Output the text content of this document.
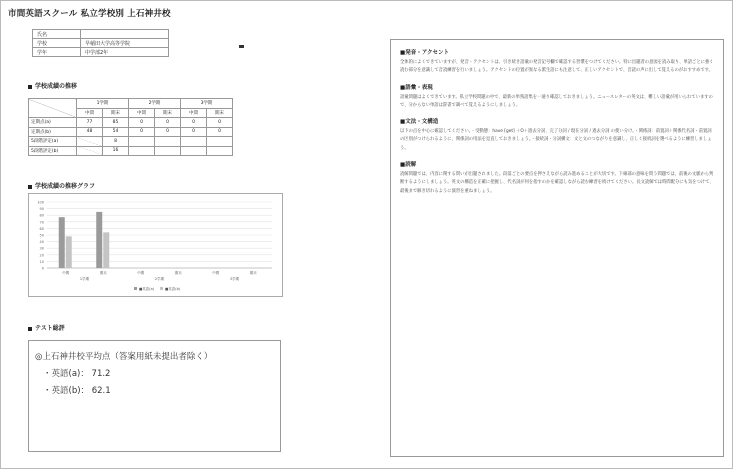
市間英語スクール 私立学校別 上石神井校
氏名	
学校	早稲田大学高等学院
学年	中学部2年
学校成績の推移
	1学期		2学期		3学期	
	中間	期末	中間	期末	中間	期末
定期点(a)	77	85	0	0	0	0
定期点(b)	48	54	0	0	0	0
5段階評定(a)		8				
5段階評定(b)		16				
学校成績の推移グラフ
100
90
80
70
60
50
40
30
20
10
0
中間	期末	中間	期末	中間	期末
1学期	2学期	3学期
■英語(a)	■英語(b)
テスト総評
◎上石神井校平均点（答案用紙未提出者除く）
・英語(a)： 71.2
・英語(b)： 62.1
■発音・アクセント
全体的によくできていますが、発音・アクセントは、引き続き語彙の発音記号欄で確認する習慣をつけてください。特に出題者の意図を読み取り、単語ごとに強く読む部分を意識して音読練習を行いましょう。アクセントの位置が異なる派生語にも注意して、正しいアクセントで、音読の声に出して覚えるのがおすすめです。
■語彙・表現
語彙問題はよくできています。私立学校問題の中で、最新の単熟語集を一通り確認しておきましょう。ニュースレターの英文は、難しい語彙が用いられていますので、分からない単語は辞書で調べて覚えるようにしましょう。
■文法・文構造
以下の点を中心に確認してください。・受動態：have [get] ＋O＋過去分詞、完了分詞 / 現在分詞 / 過去分詞 の使い分け。・関係詞：前置詞＋関係代名詞・前置詞の区別がつけられるように、関係詞の用法を見直しておきましょう。・接続詞・分詞構文：文と文のつながりを意識し、正しく接続詞を選べるように練習しましょう。
■読解
読解問題では、内容に関する問いが出題されました。段落ごとの要点を押さえながら読み進めることが大切です。下線部の意味を問う問題では、前後の文脈から判断するようにしましょう。英文の構造を正確に把握し、代名詞が何を指すのかを確認しながら読む練習を続けてください。長文読解では時間配分にも気をつけて、最後まで解き切れるように演習を重ねましょう。
